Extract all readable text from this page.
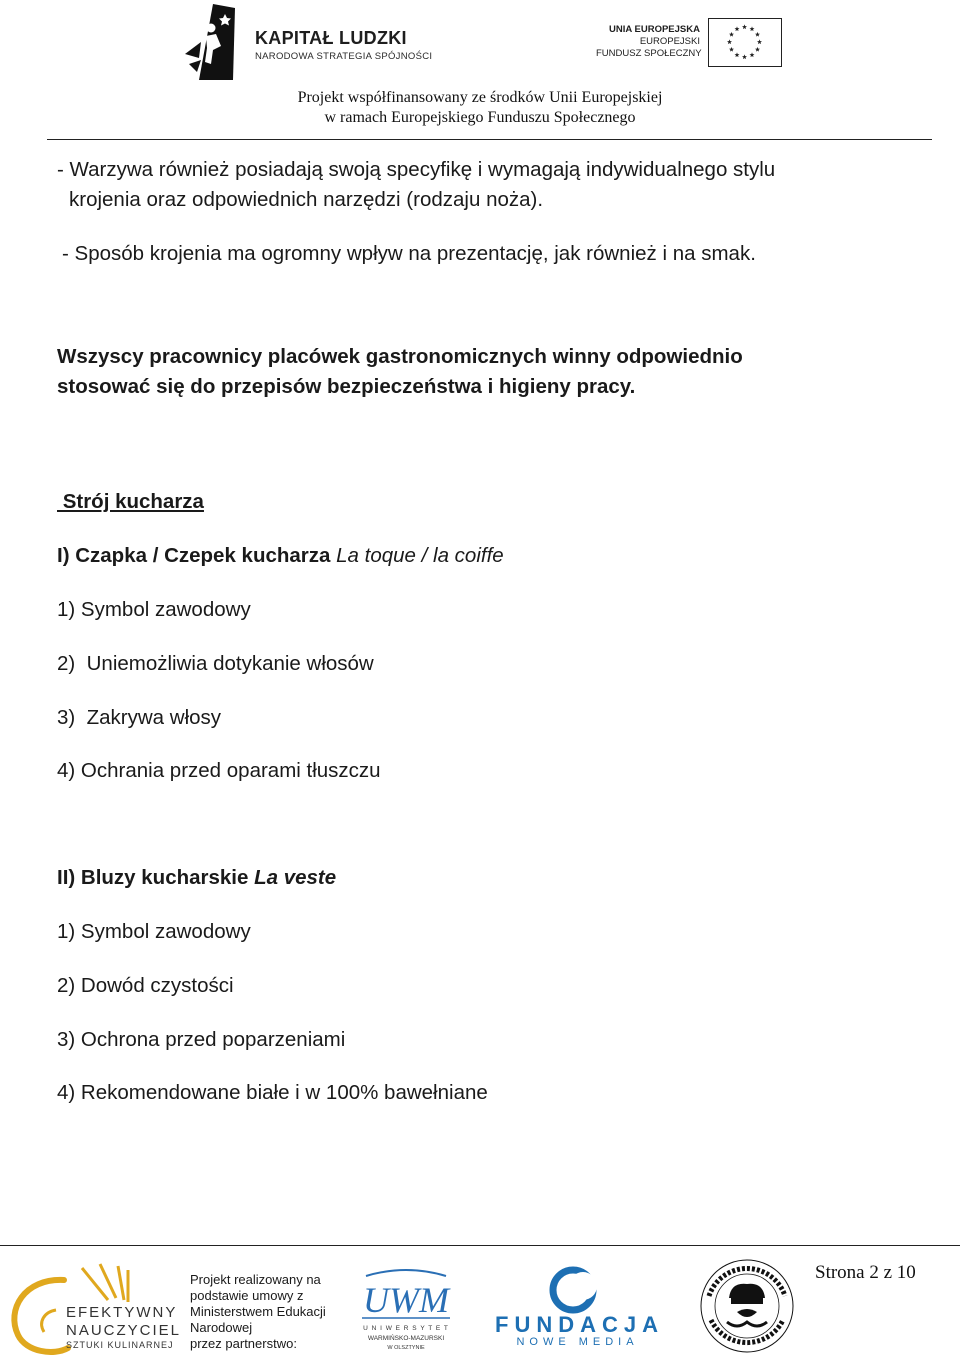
KAPITAŁ LUDZKI
NARODOWA STRATEGIA SPÓJNOŚCI
UNIA EUROPEJSKA
EUROPEJSKI
FUNDUSZ SPOŁECZNY
Projekt współfinansowany ze środków Unii Europejskiej
w ramach Europejskiego Funduszu Społecznego
- Warzywa również posiadają swoją specyfikę i wymagają indywidualnego stylu
krojenia oraz odpowiednich narzędzi (rodzaju noża).
- Sposób krojenia ma ogromny wpływ na prezentację, jak również i na smak.
Wszyscy pracownicy placówek gastronomicznych winny odpowiednio
stosować się do przepisów bezpieczeństwa i higieny pracy.
Strój kucharza
I) Czapka / Czepek kucharza La toque / la coiffe
1) Symbol zawodowy
2)  Uniemożliwia dotykanie włosów
3)  Zakrywa włosy
4) Ochrania przed oparami tłuszczu
II) Bluzy kucharskie La veste
1) Symbol zawodowy
2) Dowód czystości
3) Ochrona przed poparzeniami
4) Rekomendowane białe i w 100% bawełniane
EFEKTYWNY
NAUCZYCIEL
SZTUKI KULINARNEJ
Projekt realizowany na
podstawie umowy z
Ministerstwem Edukacji
Narodowej
przez partnerstwo:
UWM
U N I W E R S Y T E T
WARMIŃSKO-MAZURSKI
W OLSZTYNIE
FUNDACJA
NOWE MEDIA
Strona 2 z 10
